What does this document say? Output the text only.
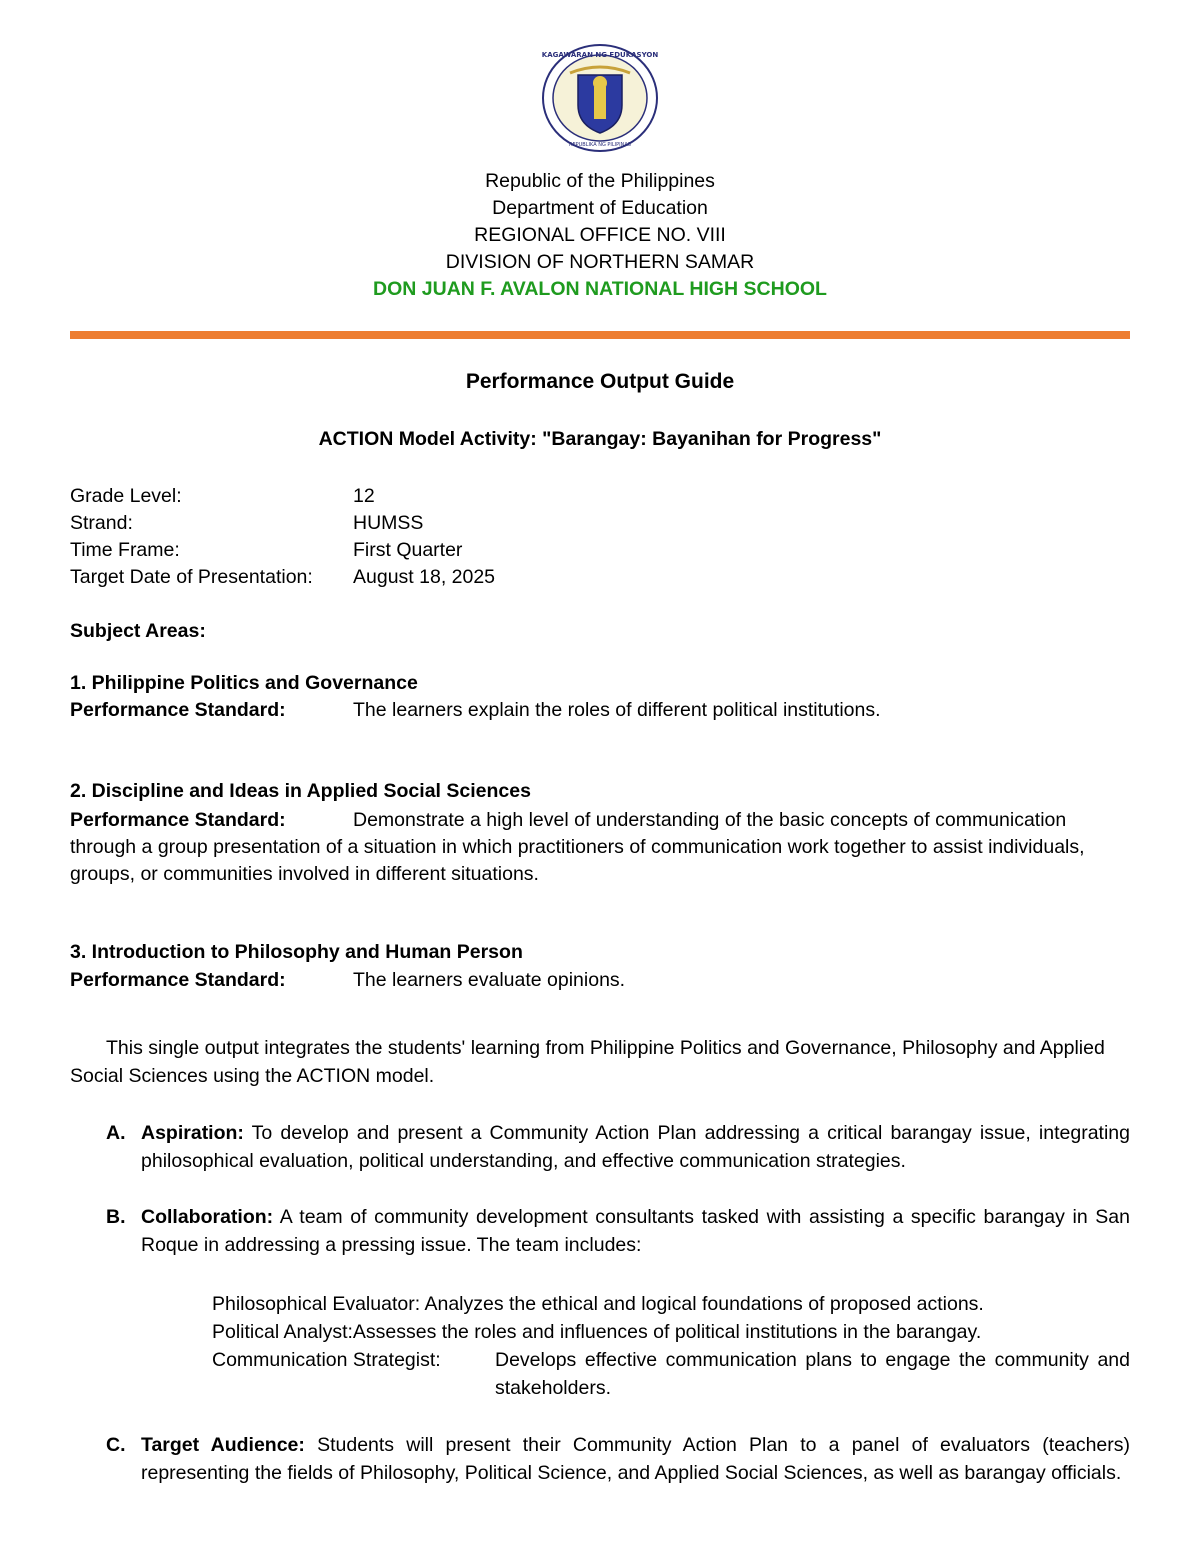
KAGAWARAN NG EDUKASYON
REPUBLIKA NG PILIPINAS
Republic of the Philippines
Department of Education
REGIONAL OFFICE NO. VIII
DIVISION OF NORTHERN SAMAR
DON JUAN F. AVALON NATIONAL HIGH SCHOOL
Performance Output Guide
ACTION Model Activity: "Barangay: Bayanihan for Progress"
Grade Level:	12
Strand:	HUMSS
Time Frame:	First Quarter
Target Date of Presentation:	August 18, 2025
Subject Areas:
1. Philippine Politics and Governance
Performance Standard:	The learners explain the roles of different political institutions.
2. Discipline and Ideas in Applied Social Sciences
Performance Standard:	Demonstrate a high level of understanding of the basic concepts of communication
through a group presentation of a situation in which practitioners of communication work together to assist individuals, groups, or communities involved in different situations.
3. Introduction to Philosophy and Human Person
Performance Standard:	The learners evaluate opinions.
This single output integrates the students' learning from Philippine Politics and Governance, Philosophy and Applied Social Sciences using the ACTION model.
A. Aspiration: To develop and present a Community Action Plan addressing a critical barangay issue, integrating philosophical evaluation, political understanding, and effective communication strategies.
B. Collaboration: A team of community development consultants tasked with assisting a specific barangay in San Roque in addressing a pressing issue. The team includes:
Philosophical Evaluator: Analyzes the ethical and logical foundations of proposed actions.
Political Analyst:Assesses the roles and influences of political institutions in the barangay.
Communication Strategist:	Develops effective communication plans to engage the community and stakeholders.
C. Target Audience: Students will present their Community Action Plan to a panel of evaluators (teachers) representing the fields of Philosophy, Political Science, and Applied Social Sciences, as well as barangay officials.
